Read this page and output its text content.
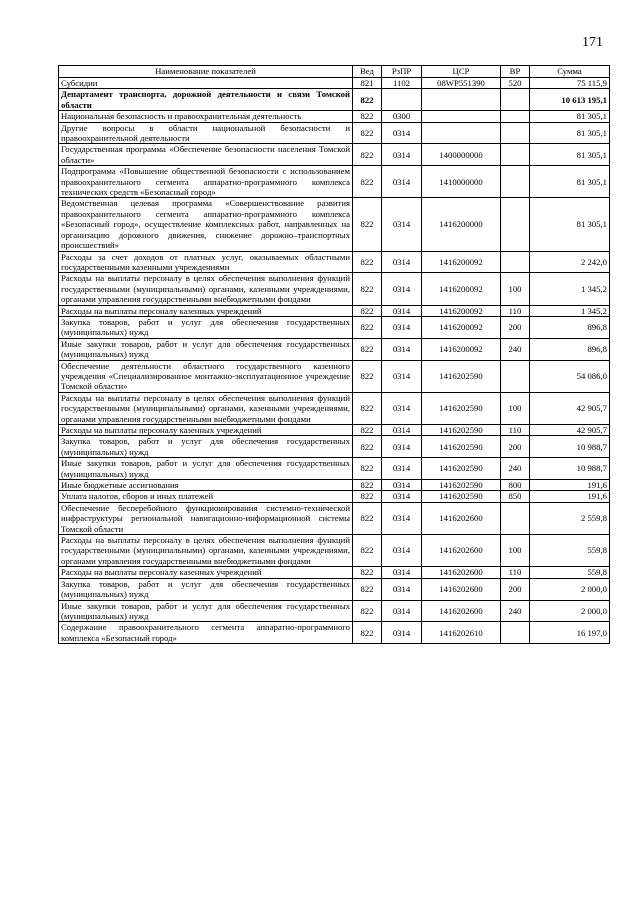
171
Наименование показателей	Вед	РзПР	ЦСР	ВР	Сумма
Субсидии	821	1102	08WP551390	520	75 115,9
Департамент транспорта, дорожной деятельности и связи Томской области	822				10 613 195,1
Национальная безопасность и правоохранительная деятельность	822	0300			81 305,1
Другие вопросы в области национальной безопасности и правоохранительной деятельности	822	0314			81 305,1
Государственная программа «Обеспечение безопасности населения Томской области»	822	0314	1400000000		81 305,1
Подпрограмма «Повышение общественной безопасности с использованием правоохранительного сегмента аппаратно-программного комплекса технических средств «Безопасный город»	822	0314	1410000000		81 305,1
Ведомственная целевая программа «Совершенствование развития правоохранительного сегмента аппаратно-программного комплекса «Безопасный город», осуществление комплексных работ, направленных на организацию дорожного движения, снижение дорожно–транспортных происшествий»	822	0314	1416200000		81 305,1
Расходы за счет доходов от платных услуг, оказываемых областными государственными казенными учреждениями	822	0314	1416200092		2 242,0
Расходы на выплаты персоналу в целях обеспечения выполнения функций государственными (муниципальными) органами, казенными учреждениями, органами управления государственными внебюджетными фондами	822	0314	1416200092	100	1 345,2
Расходы на выплаты персоналу казенных учреждений	822	0314	1416200092	110	1 345,2
Закупка товаров, работ и услуг для обеспечения государственных (муниципальных) нужд	822	0314	1416200092	200	896,8
Иные закупки товаров, работ и услуг для обеспечения государственных (муниципальных) нужд	822	0314	1416200092	240	896,8
Обеспечение деятельности областного государственного казенного учреждения «Специализированное монтажно-эксплуатационное учреждение Томской области»	822	0314	1416202590		54 086,0
Расходы на выплаты персоналу в целях обеспечения выполнения функций государственными (муниципальными) органами, казенными учреждениями, органами управления государственными внебюджетными фондами	822	0314	1416202590	100	42 905,7
Расходы на выплаты персоналу казенных учреждений	822	0314	1416202590	110	42 905,7
Закупка товаров, работ и услуг для обеспечения государственных (муниципальных) нужд	822	0314	1416202590	200	10 988,7
Иные закупки товаров, работ и услуг для обеспечения государственных (муниципальных) нужд	822	0314	1416202590	240	10 988,7
Иные бюджетные ассигнования	822	0314	1416202590	800	191,6
Уплата налогов, сборов и иных платежей	822	0314	1416202590	850	191,6
Обеспечение бесперебойного функционирования системно-технической инфраструктуры региональной навигационно-информационной системы Томской области	822	0314	1416202600		2 559,8
Расходы на выплаты персоналу в целях обеспечения выполнения функций государственными (муниципальными) органами, казенными учреждениями, органами управления государственными внебюджетными фондами	822	0314	1416202600	100	559,8
Расходы на выплаты персоналу казенных учреждений	822	0314	1416202600	110	559,8
Закупка товаров, работ и услуг для обеспечения государственных (муниципальных) нужд	822	0314	1416202600	200	2 000,0
Иные закупки товаров, работ и услуг для обеспечения государственных (муниципальных) нужд	822	0314	1416202600	240	2 000,0
Содержание правоохранительного сегмента аппаратно-программного комплекса «Безопасный город»	822	0314	1416202610		16 197,0
